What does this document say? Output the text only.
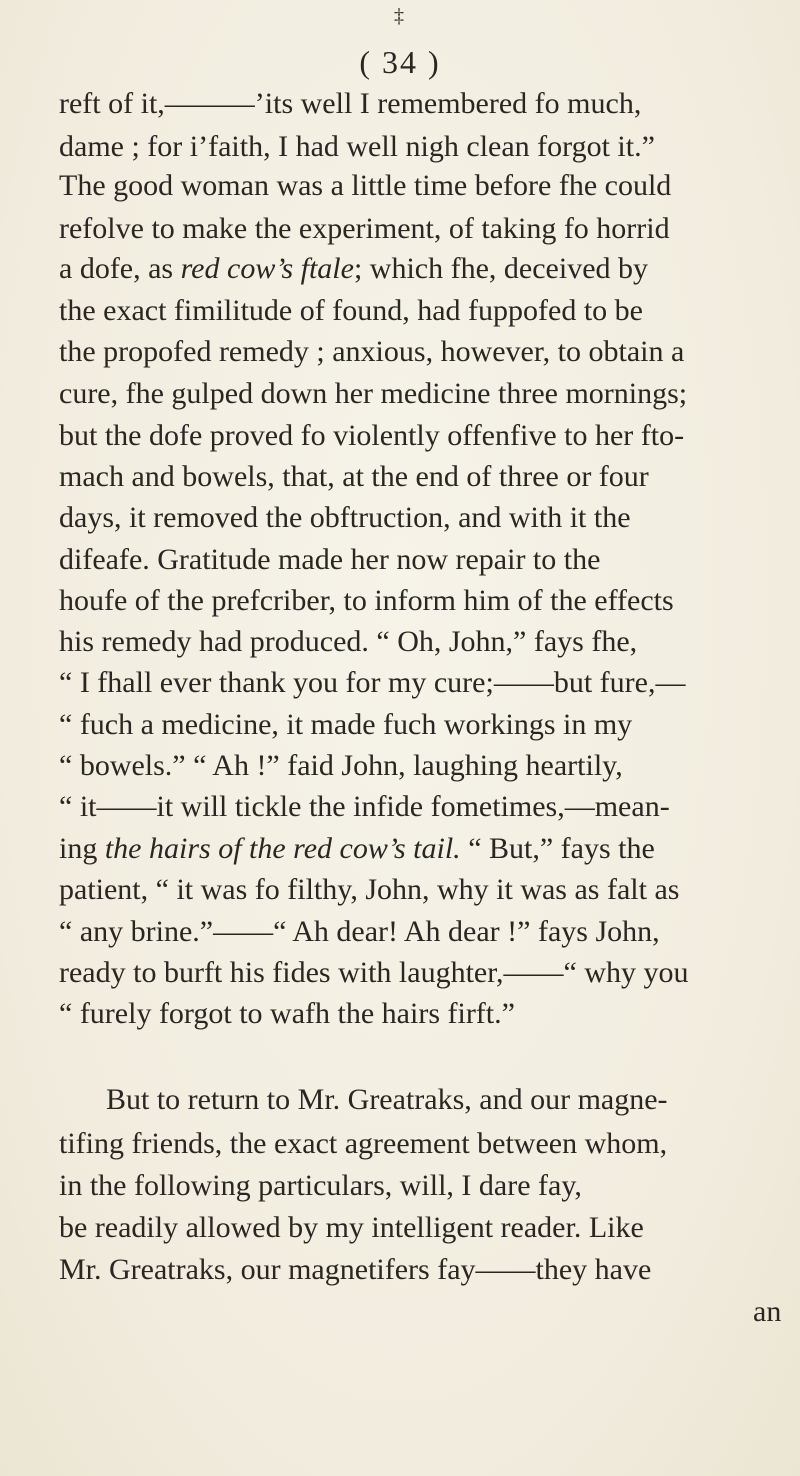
‡
( 34 )
reft of it,———’its well I remembered fo much,
dame ; for i’faith, I had well nigh clean forgot it.”
The good woman was a little time before fhe could
refolve to make the experiment, of taking fo horrid
a dofe, as red cow’s ftale; which fhe, deceived by
the exact fimilitude of found, had fuppofed to be
the propofed remedy ; anxious, however, to obtain a
cure, fhe gulped down her medicine three mornings;
but the dofe proved fo violently offenfive to her fto-
mach and bowels, that, at the end of three or four
days, it removed the obftruction, and with it the
difeafe. Gratitude made her now repair to the
houfe of the prefcriber, to inform him of the effects
his remedy had produced. “ Oh, John,” fays fhe,
“ I fhall ever thank you for my cure;——but fure,—
“ fuch a medicine, it made fuch workings in my
“ bowels.” “ Ah !” faid John, laughing heartily,
“ it——it will tickle the infide fometimes,—mean-
ing the hairs of the red cow’s tail. “ But,” fays the
patient, “ it was fo filthy, John, why it was as falt as
“ any brine.”——“ Ah dear! Ah dear !” fays John,
ready to burft his fides with laughter,——“ why you
“ furely forgot to wafh the hairs firft.”
But to return to Mr. Greatraks, and our magne-
tifing friends, the exact agreement between whom,
in the following particulars, will, I dare fay,
be readily allowed by my intelligent reader. Like
Mr. Greatraks, our magnetifers fay——they have
an
